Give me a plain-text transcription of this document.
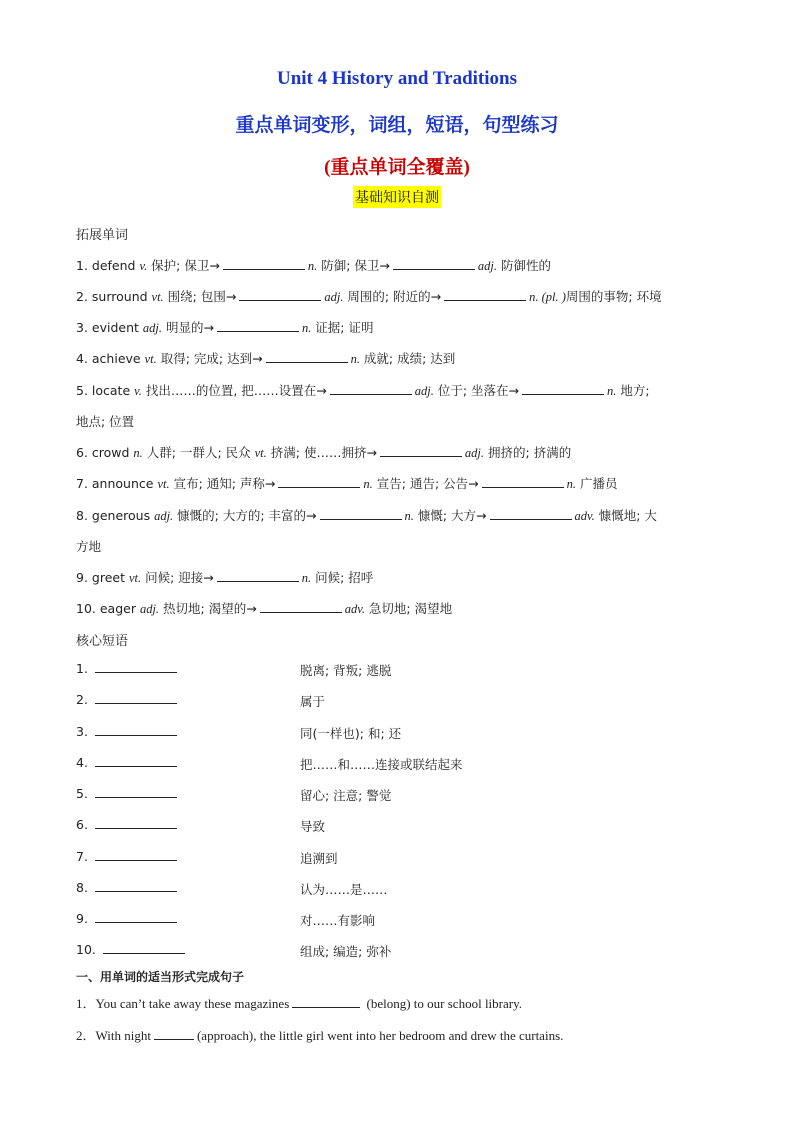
Unit 4 History and Traditions
重点单词变形，词组，短语，句型练习
(重点单词全覆盖)
基础知识自测
拓展单词
1. defend v. 保护; 保卫→	n. 防御; 保卫→	adj. 防御性的
2. surround vt. 围绕; 包围→	adj. 周围的; 附近的→	n. (pl. )周围的事物; 环境
3. evident adj. 明显的→	n. 证据; 证明
4. achieve vt. 取得; 完成; 达到→	n. 成就; 成绩; 达到
5. locate v. 找出……的位置, 把……设置在→	adj. 位于; 坐落在→	n. 地方;
地点; 位置
6. crowd n. 人群; 一群人; 民众 vt. 挤满; 使……拥挤→	adj. 拥挤的; 挤满的
7. announce vt. 宣布; 通知; 声称→	n. 宣告; 通告; 公告→	n. 广播员
8. generous adj. 慷慨的; 大方的; 丰富的→	n. 慷慨; 大方→	adv. 慷慨地; 大
方地
9. greet vt. 问候; 迎接→	n. 问候; 招呼
10. eager adj. 热切地; 渴望的→	adv. 急切地; 渴望地
核心短语
1.	脱离; 背叛; 逃脱
2.	属于
3.	同(一样也); 和; 还
4.	把……和……连接或联结起来
5.	留心; 注意; 警觉
6.	导致
7.	追溯到
8.	认为……是……
9.	对……有影响
10.	组成; 编造; 弥补
一、用单词的适当形式完成句子
1．You can’t take away these magazines	(belong) to our school library.
2．With night	(approach), the little girl went into her bedroom and drew the curtains.
